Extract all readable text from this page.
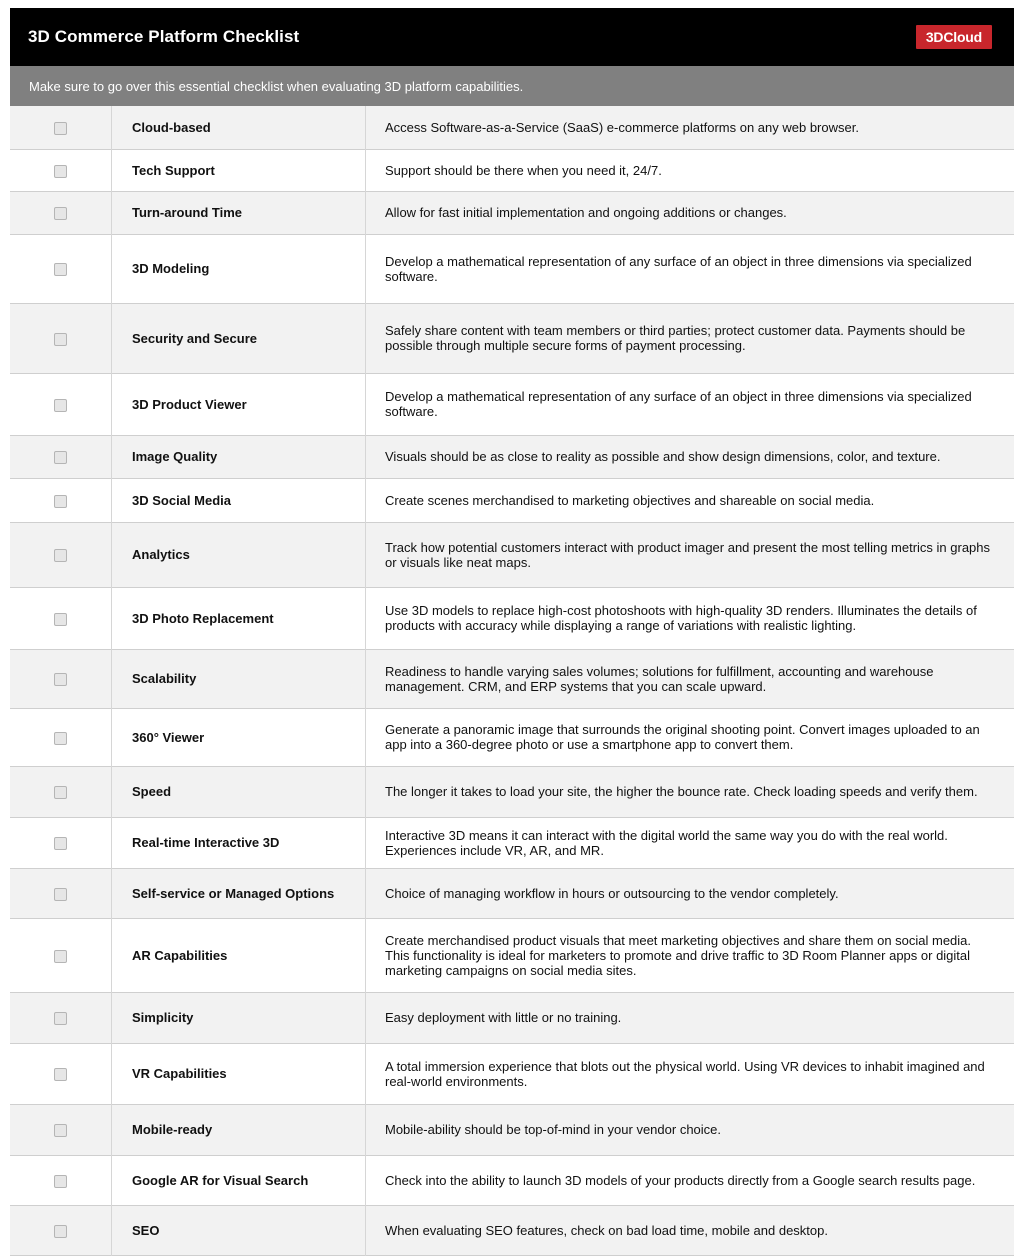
3D Commerce Platform Checklist	3DCloud
Make sure to go over this essential checklist when evaluating 3D platform capabilities.
	Cloud-based	Access Software-as-a-Service (SaaS) e-commerce platforms on any web browser.
	Tech Support	Support should be there when you need it, 24/7.
	Turn-around Time	Allow for fast initial implementation and ongoing additions or changes.
	3D Modeling	Develop a mathematical representation of any surface of an object in three dimensions via specialized software.
	Security and Secure	Safely share content with team members or third parties; protect customer data. Payments should be possible through multiple secure forms of payment processing.
	3D Product Viewer	Develop a mathematical representation of any surface of an object in three dimensions via specialized software.
	Image Quality	Visuals should be as close to reality as possible and show design dimensions, color, and texture.
	3D Social Media	Create scenes merchandised to marketing objectives and shareable on social media.
	Analytics	Track how potential customers interact with product imager and present the most telling metrics in graphs or visuals like neat maps.
	3D Photo Replacement	Use 3D models to replace high-cost photoshoots with high-quality 3D renders. Illuminates the details of products with accuracy while displaying a range of variations with realistic lighting.
	Scalability	Readiness to handle varying sales volumes; solutions for fulfillment, accounting and warehouse management. CRM, and ERP systems that you can scale upward.
	360° Viewer	Generate a panoramic image that surrounds the original shooting point. Convert images uploaded to an app into a 360-degree photo or use a smartphone app to convert them.
	Speed	The longer it takes to load your site, the higher the bounce rate. Check loading speeds and verify them.
	Real-time Interactive 3D	Interactive 3D means it can interact with the digital world the same way you do with the real world. Experiences include VR, AR, and MR.
	Self-service or Managed Options	Choice of managing workflow in hours or outsourcing to the vendor completely.
	AR Capabilities	Create merchandised product visuals that meet marketing objectives and share them on social media. This functionality is ideal for marketers to promote and drive traffic to 3D Room Planner apps or digital marketing campaigns on social media sites.
	Simplicity	Easy deployment with little or no training.
	VR Capabilities	A total immersion experience that blots out the physical world. Using VR devices to inhabit imagined and real-world environments.
	Mobile-ready	Mobile-ability should be top-of-mind in your vendor choice.
	Google AR for Visual Search	Check into the ability to launch 3D models of your products directly from a Google search results page.
	SEO	When evaluating SEO features, check on bad load time, mobile and desktop.
